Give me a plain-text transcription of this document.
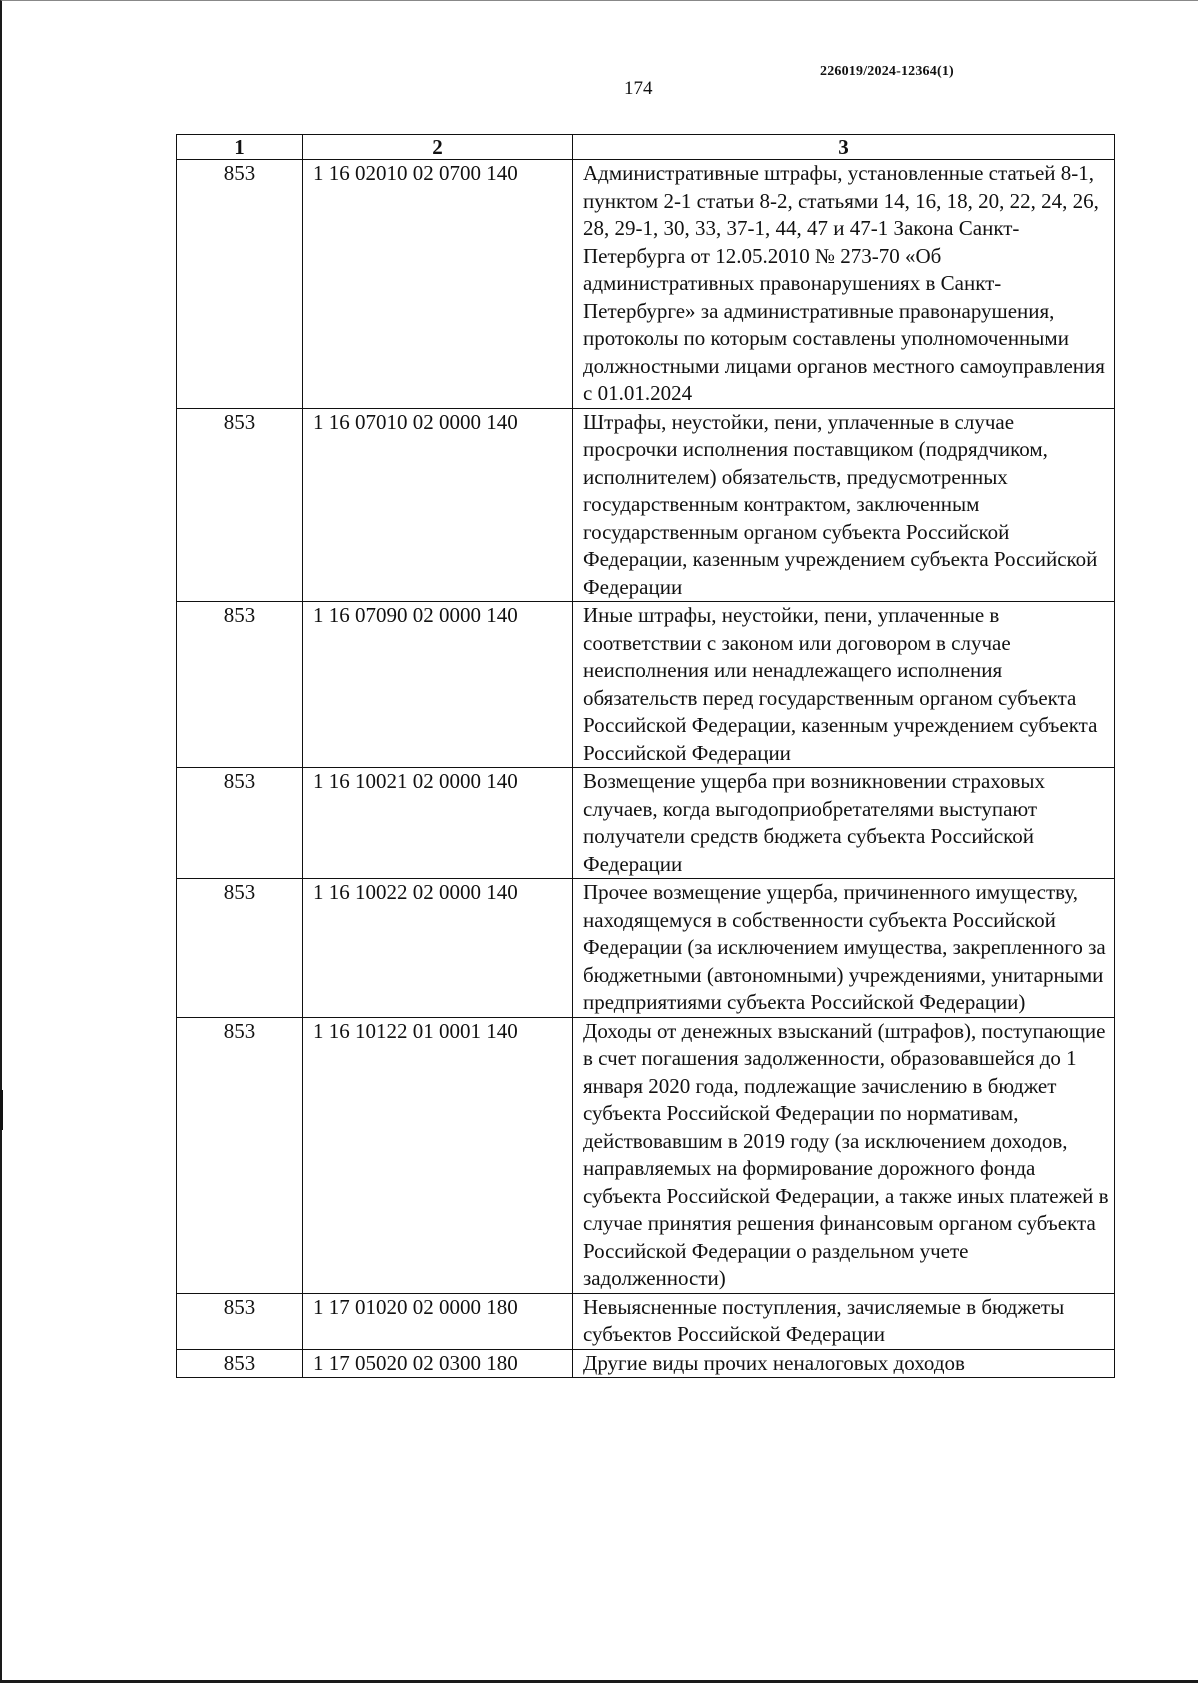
226019/2024-12364(1)
174
1	2	3
853	1 16 02010 02 0700 140	Административные штрафы, установленные статьей 8-1, пунктом 2-1 статьи 8-2, статьями 14, 16, 18, 20, 22, 24, 26, 28, 29-1, 30, 33, 37-1, 44, 47 и 47-1 Закона Санкт-Петербурга от 12.05.2010 № 273-70 «Об административных правонарушениях в Санкт-Петербурге» за административные правонарушения, протоколы по которым составлены уполномоченными должностными лицами органов местного самоуправления с 01.01.2024
853	1 16 07010 02 0000 140	Штрафы, неустойки, пени, уплаченные в случае просрочки исполнения поставщиком (подрядчиком, исполнителем) обязательств, предусмотренных государственным контрактом, заключенным государственным органом субъекта Российской Федерации, казенным учреждением субъекта Российской Федерации
853	1 16 07090 02 0000 140	Иные штрафы, неустойки, пени, уплаченные в соответствии с законом или договором в случае неисполнения или ненадлежащего исполнения обязательств перед государственным органом субъекта Российской Федерации, казенным учреждением субъекта Российской Федерации
853	1 16 10021 02 0000 140	Возмещение ущерба при возникновении страховых случаев, когда выгодоприобретателями выступают получатели средств бюджета субъекта Российской Федерации
853	1 16 10022 02 0000 140	Прочее возмещение ущерба, причиненного имуществу, находящемуся в собственности субъекта Российской Федерации (за исключением имущества, закрепленного за бюджетными (автономными) учреждениями, унитарными предприятиями субъекта Российской Федерации)
853	1 16 10122 01 0001 140	Доходы от денежных взысканий (штрафов), поступающие в счет погашения задолженности, образовавшейся до 1 января 2020 года, подлежащие зачислению в бюджет субъекта Российской Федерации по нормативам, действовавшим в 2019 году (за исключением доходов, направляемых на формирование дорожного фонда субъекта Российской Федерации, а также иных платежей в случае принятия решения финансовым органом субъекта Российской Федерации о раздельном учете задолженности)
853	1 17 01020 02 0000 180	Невыясненные поступления, зачисляемые в бюджеты субъектов Российской Федерации
853	1 17 05020 02 0300 180	Другие виды прочих неналоговых доходов
